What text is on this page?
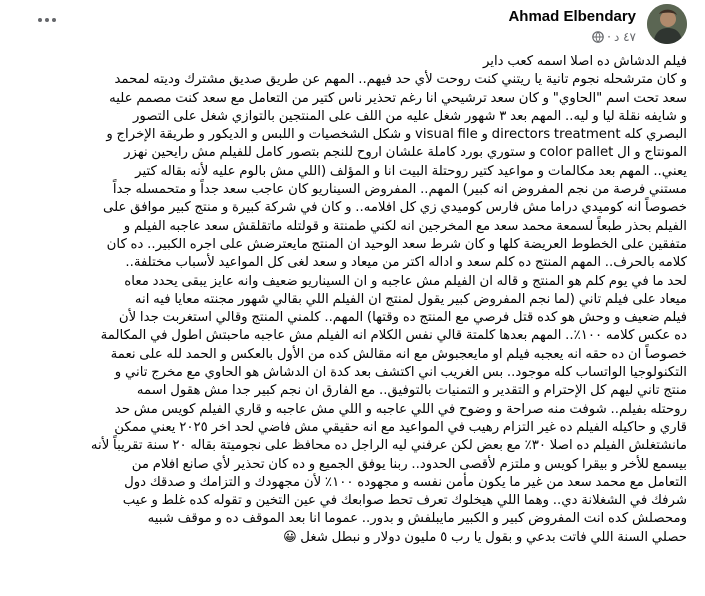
Ahmad Elbendary
٤٧ د
·

فيلم الدشاش ده اصلا اسمه كعب داير

و كان مترشحله نجوم تانية يا ريتني كنت روحت لأي حد فيهم.. المهم عن طريق صديق مشترك وديته لمحمد

سعد تحت اسم "الحاوي" و كان سعد ترشيحي انا رغم تحذير ناس كتير من التعامل مع سعد كنت مصمم عليه

و شايفه نقلة ليا و ليه.. المهم بعد ٣ شهور شغل عليه من اللف على المنتجين بالتوازي شغل على التصور

البصري كله directors treatment و visual file و شكل الشخصيات و اللبس و الديكور و طريقة الإخراج و

المونتاج و ال color pallet و ستوري بورد كاملة علشان اروح للنجم بتصور كامل للفيلم مش رايحين نهزر

يعني.. المهم بعد مكالمات و مواعيد كتير روحتلة البيت انا و المؤلف (اللي مش بالوم عليه لأنه بقاله كتير

مستني فرصة من نجم المفروض انه كبير) المهم.. المفروض السيناريو كان عاجب سعد جداً و متحمسله جداً

خصوصاً انه كوميدي دراما مش فارس كوميدي زي كل افلامه.. و كان في شركة كبيرة و منتج كبير موافق على

الفيلم بحذر طبعاً لسمعة محمد سعد مع المخرجين انه لكني طمنتة و قولتله ماتقلقش سعد عاجبه الفيلم و

متفقين على الخطوط العريضة كلها و كان شرط سعد الوحيد ان المنتج مايعترضش على اجره الكبير.. ده كان

كلامه بالحرف.. المهم المنتج ده كلم سعد و اداله اكتر من ميعاد و سعد لغى كل المواعيد لأسباب مختلفة..

لحد ما في يوم كلم هو المنتج و قاله ان الفيلم مش عاجبه و ان السيناريو ضعيف وانه عايز يبقى يحدد معاه

ميعاد على فيلم تاني (لما نجم المفروض كبير يقول لمنتج ان الفيلم اللي بقالي شهور مجنته معايا فيه انه

فيلم ضعيف و وحش هو كده قتل فرصي مع المنتج ده وقتها) المهم.. كلمني المنتج وقالي استغربت جدا لأن

ده عكس كلامه ١٠٠٪.. المهم بعدها كلمتة قالي نفس الكلام انه الفيلم مش عاجبه ماحبتش اطول في المكالمة

خصوصاً ان ده حقه انه يعجبه فيلم او مايعجبوش مع انه مقالش كده من الأول بالعكس و الحمد لله على نعمة

التكنولوجيا الواتساب كله موجود.. بس الغريب اني اكتشف بعد كدة ان الدشاش هو الحاوي مع مخرج تاني و

منتج تاني ليهم كل الإحترام و التقدير و التمنيات بالتوفيق.. مع الفارق ان نجم كبير جدا مش هقول اسمه

روحتله بفيلم.. شوفت منه صراحة و وضوح في اللي عاجبه و اللي مش عاجبه و قاري الفيلم كويس مش حد

قاري و حاكيله الفيلم ده غير التزام رهيب في المواعيد مع انه حقيقي مش فاضي لحد اخر ٢٠٢٥ يعني ممكن

مانشتغلش الفيلم ده اصلا ٣٠٪ مع بعض لكن عرفني ليه الراجل ده محافظ على نجوميتة بقاله ٢٠ سنة تقريباً لأنه

بيسمع للأخر و بيقرا كويس و ملتزم لأقصى الحدود.. ربنا يوفق الجميع و ده كان تحذير لأي صانع افلام من

التعامل مع محمد سعد من غير ما يكون مأمن نفسه و مجهوده ١٠٠٪ لأن مجهودك و التزامك و صدقك دول

شرفك في الشغلانة دي.. وهما اللي هيخلوك تعرف تحط صوابعك في عين التخين و تقوله كده غلط و عيب

ومحصلش كده انت المفروض كبير و الكبير مايبلفش و بدور.. عموما انا بعد الموقف ده و موقف شبيه

حصلي السنة اللي فاتت بدعي و بقول يا رب ٥ مليون دولار و نبطل شغل 😀
